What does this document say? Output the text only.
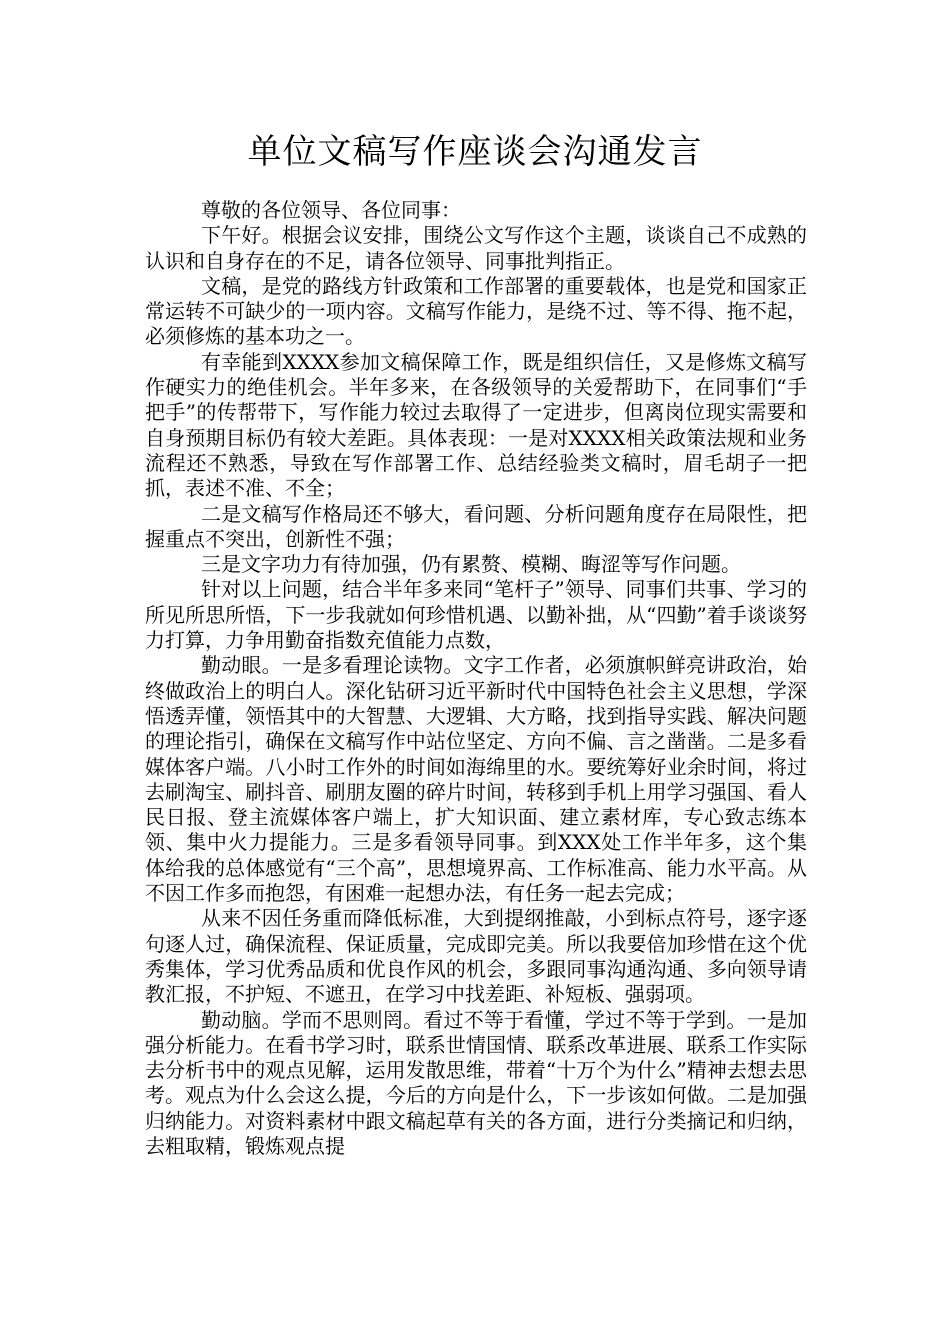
单位文稿写作座谈会沟通发言

尊敬的各位领导、各位同事：

下午好。根据会议安排，围绕公文写作这个主题，谈谈自己不成熟的认识和自身存在的不足，请各位领导、同事批判指正。

文稿，是党的路线方针政策和工作部署的重要载体，也是党和国家正常运转不可缺少的一项内容。文稿写作能力，是绕不过、等不得、拖不起，必须修炼的基本功之一。

有幸能到XXXX参加文稿保障工作，既是组织信任，又是修炼文稿写作硬实力的绝佳机会。半年多来，在各级领导的关爱帮助下，在同事们“手把手”的传帮带下，写作能力较过去取得了一定进步，但离岗位现实需要和自身预期目标仍有较大差距。具体表现：一是对XXXX相关政策法规和业务流程还不熟悉，导致在写作部署工作、总结经验类文稿时，眉毛胡子一把抓，表述不准、不全；

二是文稿写作格局还不够大，看问题、分析问题角度存在局限性，把握重点不突出，创新性不强；

三是文字功力有待加强，仍有累赘、模糊、晦涩等写作问题。

针对以上问题，结合半年多来同“笔杆子”领导、同事们共事、学习的所见所思所悟，下一步我就如何珍惜机遇、以勤补拙，从“四勤”着手谈谈努力打算，力争用勤奋指数充值能力点数，

勤动眼。一是多看理论读物。文字工作者，必须旗帜鲜亮讲政治，始终做政治上的明白人。深化钻研习近平新时代中国特色社会主义思想，学深悟透弄懂，领悟其中的大智慧、大逻辑、大方略，找到指导实践、解决问题的理论指引，确保在文稿写作中站位坚定、方向不偏、言之凿凿。二是多看媒体客户端。八小时工作外的时间如海绵里的水。要统筹好业余时间，将过去刷淘宝、刷抖音、刷朋友圈的碎片时间，转移到手机上用学习强国、看人民日报、登主流媒体客户端上，扩大知识面、建立素材库，专心致志练本领、集中火力提能力。三是多看领导同事。到XXX处工作半年多，这个集体给我的总体感觉有“三个高”，思想境界高、工作标准高、能力水平高。从不因工作多而抱怨，有困难一起想办法，有任务一起去完成；

从来不因任务重而降低标准，大到提纲推敲，小到标点符号，逐字逐句逐人过，确保流程、保证质量，完成即完美。所以我要倍加珍惜在这个优秀集体，学习优秀品质和优良作风的机会，多跟同事沟通沟通、多向领导请教汇报，不护短、不遮丑，在学习中找差距、补短板、强弱项。

勤动脑。学而不思则罔。看过不等于看懂，学过不等于学到。一是加强分析能力。在看书学习时，联系世情国情、联系改革进展、联系工作实际去分析书中的观点见解，运用发散思维，带着“十万个为什么”精神去想去思考。观点为什么会这么提，今后的方向是什么，下一步该如何做。二是加强归纳能力。对资料素材中跟文稿起草有关的各方面，进行分类摘记和归纳，去粗取精，锻炼观点提
